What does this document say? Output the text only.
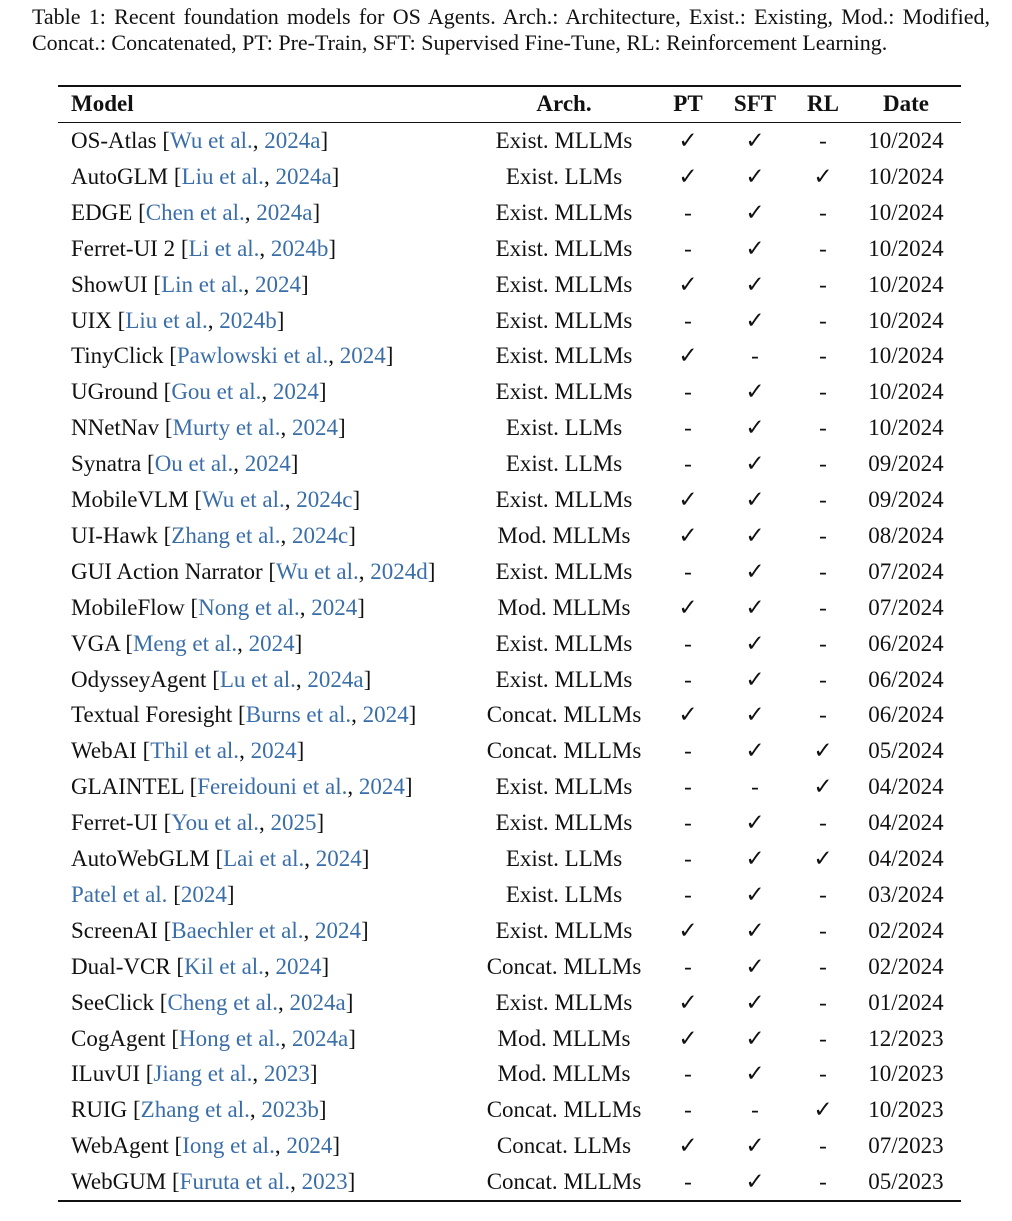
Table 1: Recent foundation models for OS Agents. Arch.: Architecture, Exist.: Existing, Mod.: Modified, Concat.: Concatenated, PT: Pre-Train, SFT: Supervised Fine-Tune, RL: Reinforcement Learning.
Model	Arch.	PT	SFT	RL	Date
OS-Atlas [Wu et al., 2024a]	Exist. MLLMs	✓	✓	-	10/2024
AutoGLM [Liu et al., 2024a]	Exist. LLMs	✓	✓	✓	10/2024
EDGE [Chen et al., 2024a]	Exist. MLLMs	-	✓	-	10/2024
Ferret-UI 2 [Li et al., 2024b]	Exist. MLLMs	-	✓	-	10/2024
ShowUI [Lin et al., 2024]	Exist. MLLMs	✓	✓	-	10/2024
UIX [Liu et al., 2024b]	Exist. MLLMs	-	✓	-	10/2024
TinyClick [Pawlowski et al., 2024]	Exist. MLLMs	✓	-	-	10/2024
UGround [Gou et al., 2024]	Exist. MLLMs	-	✓	-	10/2024
NNetNav [Murty et al., 2024]	Exist. LLMs	-	✓	-	10/2024
Synatra [Ou et al., 2024]	Exist. LLMs	-	✓	-	09/2024
MobileVLM [Wu et al., 2024c]	Exist. MLLMs	✓	✓	-	09/2024
UI-Hawk [Zhang et al., 2024c]	Mod. MLLMs	✓	✓	-	08/2024
GUI Action Narrator [Wu et al., 2024d]	Exist. MLLMs	-	✓	-	07/2024
MobileFlow [Nong et al., 2024]	Mod. MLLMs	✓	✓	-	07/2024
VGA [Meng et al., 2024]	Exist. MLLMs	-	✓	-	06/2024
OdysseyAgent [Lu et al., 2024a]	Exist. MLLMs	-	✓	-	06/2024
Textual Foresight [Burns et al., 2024]	Concat. MLLMs	✓	✓	-	06/2024
WebAI [Thil et al., 2024]	Concat. MLLMs	-	✓	✓	05/2024
GLAINTEL [Fereidouni et al., 2024]	Exist. MLLMs	-	-	✓	04/2024
Ferret-UI [You et al., 2025]	Exist. MLLMs	-	✓	-	04/2024
AutoWebGLM [Lai et al., 2024]	Exist. LLMs	-	✓	✓	04/2024
Patel et al. [2024]	Exist. LLMs	-	✓	-	03/2024
ScreenAI [Baechler et al., 2024]	Exist. MLLMs	✓	✓	-	02/2024
Dual-VCR [Kil et al., 2024]	Concat. MLLMs	-	✓	-	02/2024
SeeClick [Cheng et al., 2024a]	Exist. MLLMs	✓	✓	-	01/2024
CogAgent [Hong et al., 2024a]	Mod. MLLMs	✓	✓	-	12/2023
ILuvUI [Jiang et al., 2023]	Mod. MLLMs	-	✓	-	10/2023
RUIG [Zhang et al., 2023b]	Concat. MLLMs	-	-	✓	10/2023
WebAgent [Iong et al., 2024]	Concat. LLMs	✓	✓	-	07/2023
WebGUM [Furuta et al., 2023]	Concat. MLLMs	-	✓	-	05/2023
